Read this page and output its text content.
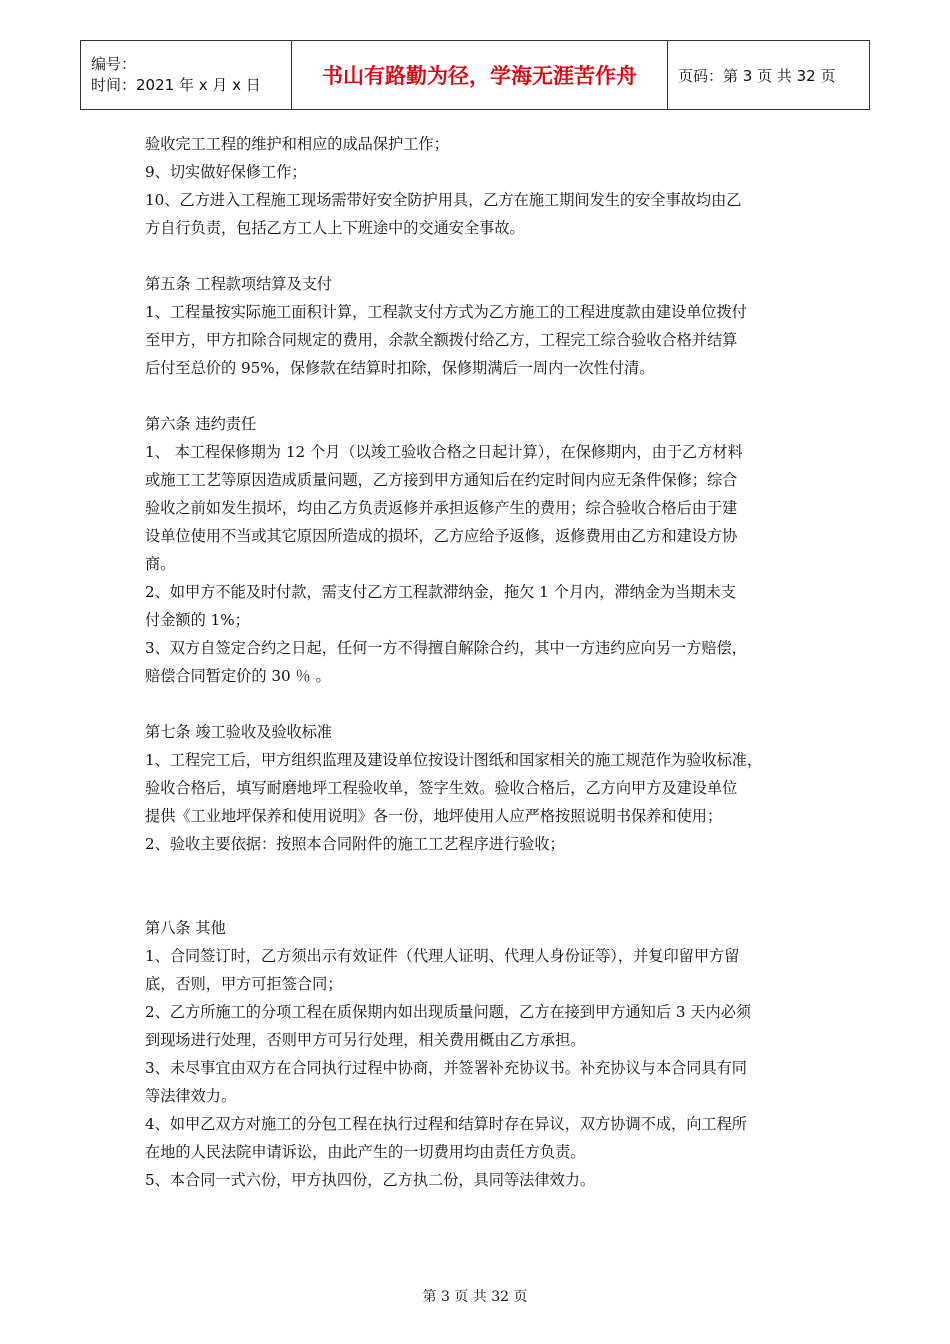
编号：
时间：2021 年 x 月 x 日	书山有路勤为径，学海无涯苦作舟	页码：第 3 页 共 32 页

验收完工工程的维护和相应的成品保护工作；

9、切实做好保修工作；

10、乙方进入工程施工现场需带好安全防护用具，乙方在施工期间发生的安全事故均由乙

方自行负责，包括乙方工人上下班途中的交通安全事故。

第五条 工程款项结算及支付

1、工程量按实际施工面积计算，工程款支付方式为乙方施工的工程进度款由建设单位拨付

至甲方，甲方扣除合同规定的费用，余款全额拨付给乙方，工程完工综合验收合格并结算

后付至总价的 95%，保修款在结算时扣除，保修期满后一周内一次性付清。

第六条 违约责任

1、 本工程保修期为 12 个月（以竣工验收合格之日起计算），在保修期内，由于乙方材料

或施工工艺等原因造成质量问题，乙方接到甲方通知后在约定时间内应无条件保修；综合

验收之前如发生损坏，均由乙方负责返修并承担返修产生的费用；综合验收合格后由于建

设单位使用不当或其它原因所造成的损坏，乙方应给予返修，返修费用由乙方和建设方协

商。

2、如甲方不能及时付款，需支付乙方工程款滞纳金，拖欠 1 个月内，滞纳金为当期未支

付金额的 1%；

3、双方自签定合约之日起，任何一方不得擅自解除合约，其中一方违约应向另一方赔偿，

赔偿合同暂定价的 30 ％ 。

第七条 竣工验收及验收标准

1、工程完工后，甲方组织监理及建设单位按设计图纸和国家相关的施工规范作为验收标准，

验收合格后，填写耐磨地坪工程验收单，签字生效。验收合格后，乙方向甲方及建设单位

提供《工业地坪保养和使用说明》各一份，地坪使用人应严格按照说明书保养和使用；

2、验收主要依据：按照本合同附件的施工工艺程序进行验收；

第八条 其他

1、合同签订时，乙方须出示有效证件（代理人证明、代理人身份证等），并复印留甲方留

底，否则，甲方可拒签合同；

2、乙方所施工的分项工程在质保期内如出现质量问题，乙方在接到甲方通知后 3 天内必须

到现场进行处理，否则甲方可另行处理，相关费用概由乙方承担。

3、未尽事宜由双方在合同执行过程中协商，并签署补充协议书。补充协议与本合同具有同

等法律效力。

4、如甲乙双方对施工的分包工程在执行过程和结算时存在异议，双方协调不成，向工程所

在地的人民法院申请诉讼，由此产生的一切费用均由责任方负责。

5、本合同一式六份，甲方执四份，乙方执二份，具同等法律效力。

第 3 页 共 32 页
